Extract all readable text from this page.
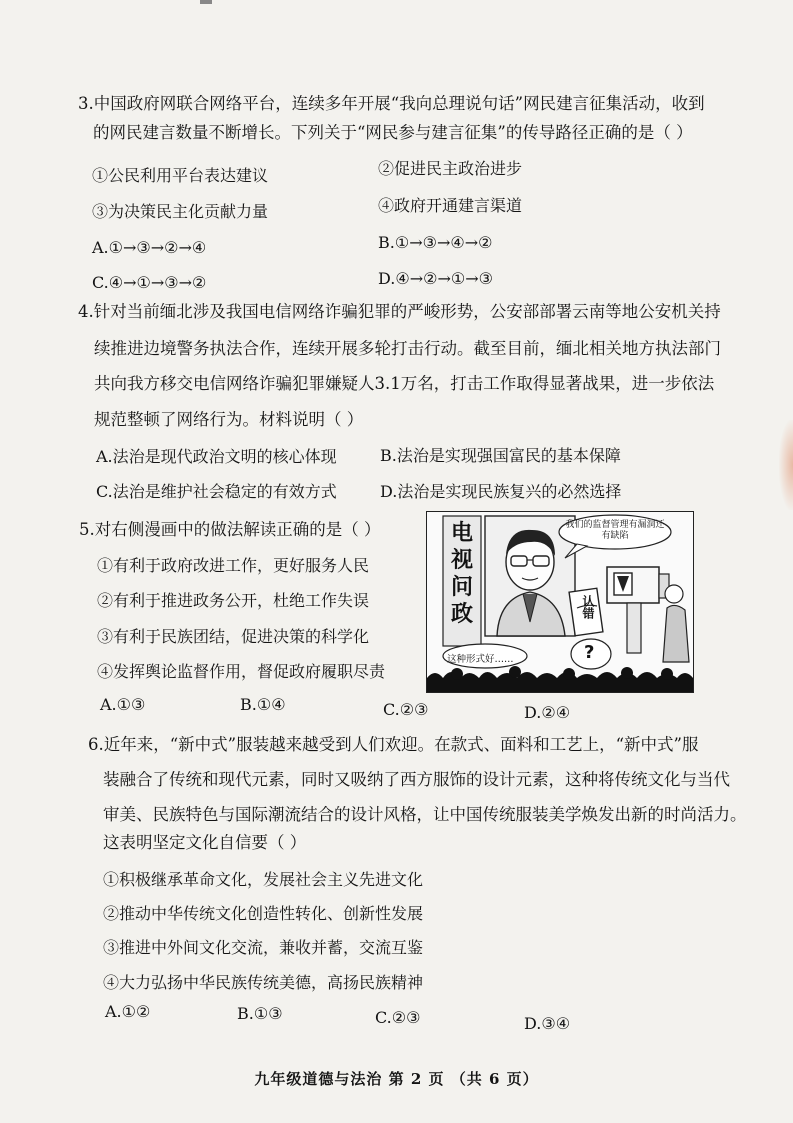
3.中国政府网联合网络平台，连续多年开展“我向总理说句话”网民建言征集活动，收到
的网民建言数量不断增长。下列关于“网民参与建言征集”的传导路径正确的是（ ）
①公民利用平台表达建议	②促进民主政治进步
③为决策民主化贡献力量	④政府开通建言渠道
A.①→③→②→④	B.①→③→④→②
C.④→①→③→②	D.④→②→①→③
4.针对当前缅北涉及我国电信网络诈骗犯罪的严峻形势，公安部部署云南等地公安机关持
续推进边境警务执法合作，连续开展多轮打击行动。截至目前，缅北相关地方执法部门
共向我方移交电信网络诈骗犯罪嫌疑人3.1万名，打击工作取得显著战果，进一步依法
规范整顿了网络行为。材料说明（ ）
A.法治是现代政治文明的核心体现	B.法治是实现强国富民的基本保障
C.法治是维护社会稳定的有效方式	D.法治是实现民族复兴的必然选择
5.对右侧漫画中的做法解读正确的是（ ）
①有利于政府改进工作，更好服务人民
②有利于推进政务公开，杜绝工作失误
③有利于民族团结，促进决策的科学化
④发挥舆论监督作用，督促政府履职尽责
A.①③	B.①④	C.②③	D.②④
电视问政
我们的监督管理有漏洞还有缺陷
认错
这种形式好……	?
6.近年来，“新中式”服装越来越受到人们欢迎。在款式、面料和工艺上，“新中式”服
装融合了传统和现代元素，同时又吸纳了西方服饰的设计元素，这种将传统文化与当代
审美、民族特色与国际潮流结合的设计风格，让中国传统服装美学焕发出新的时尚活力。
这表明坚定文化自信要（ ）
①积极继承革命文化，发展社会主义先进文化
②推动中华传统文化创造性转化、创新性发展
③推进中外间文化交流，兼收并蓄，交流互鉴
④大力弘扬中华民族传统美德，高扬民族精神
A.①②	B.①③	C.②③	D.③④
九年级道德与法治 第 2 页 （共 6 页）
